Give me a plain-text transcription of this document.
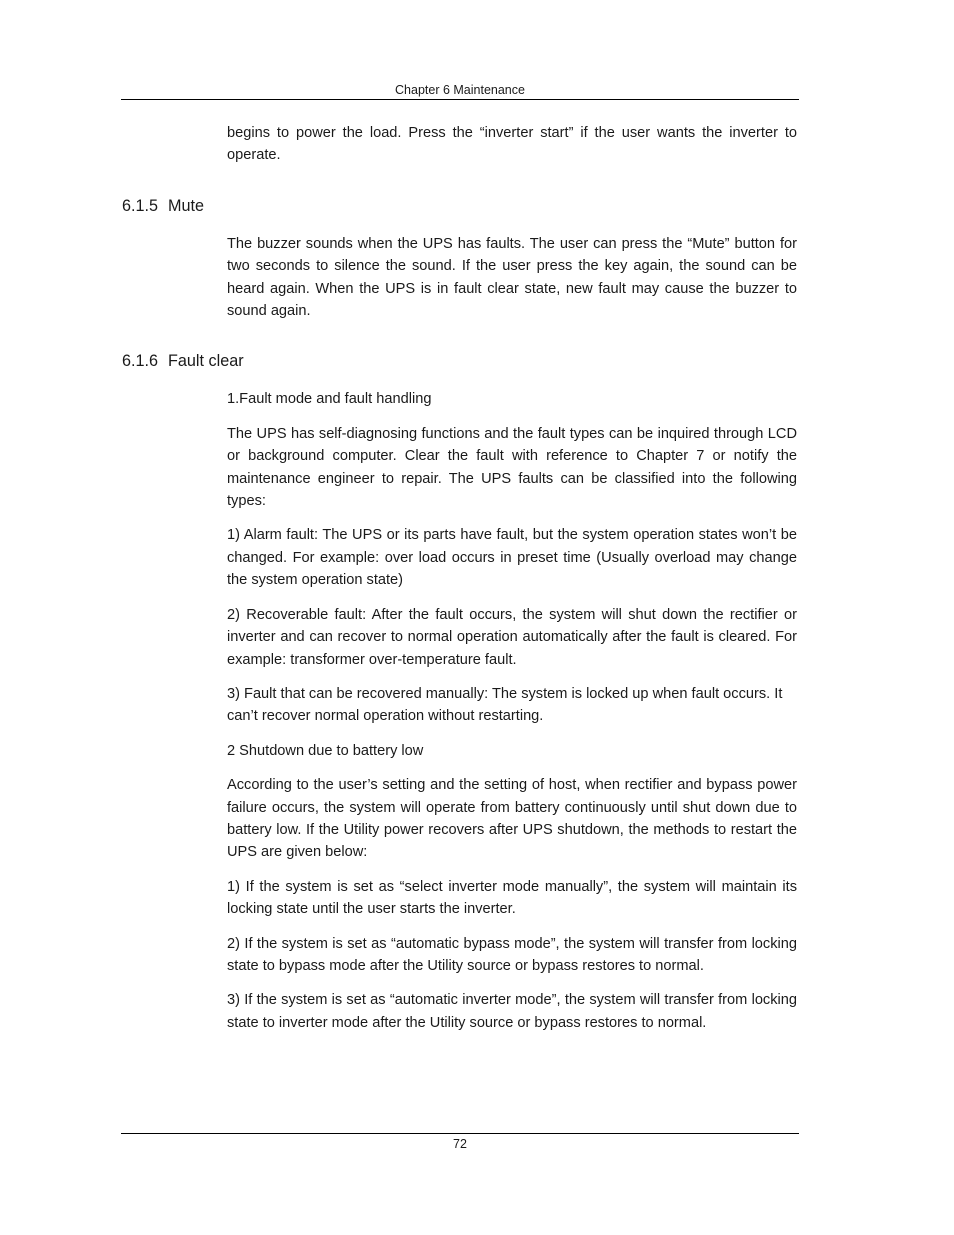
Chapter 6 Maintenance

begins to power the load. Press the “inverter start” if the user wants the inverter to operate.

6.1.5 Mute

The buzzer sounds when the UPS has faults. The user can press the “Mute” button for two seconds to silence the sound. If the user press the key again, the sound can be heard again. When the UPS is in fault clear state, new fault may cause the buzzer to sound again.

6.1.6 Fault clear

1.Fault mode and fault handling

The UPS has self-diagnosing functions and the fault types can be inquired through LCD or background computer. Clear the fault with reference to Chapter 7 or notify the maintenance engineer to repair. The UPS faults can be classified into the following types:

1) Alarm fault: The UPS or its parts have fault, but the system operation states won’t be changed. For example: over load occurs in preset time (Usually overload may change the system operation state)

2) Recoverable fault: After the fault occurs, the system will shut down the rectifier or inverter and can recover to normal operation automatically after the fault is cleared. For example: transformer over-temperature fault.

3) Fault that can be recovered manually: The system is locked up when fault occurs. It can’t recover normal operation without restarting.

2 Shutdown due to battery low

According to the user’s setting and the setting of host, when rectifier and bypass power failure occurs, the system will operate from battery continuously until shut down due to battery low. If the Utility power recovers after UPS shutdown, the methods to restart the UPS are given below:

1) If the system is set as “select inverter mode manually”, the system will maintain its locking state until the user starts the inverter.

2) If the system is set as “automatic bypass mode”, the system will transfer from locking state to bypass mode after the Utility source or bypass restores to normal.

3) If the system is set as “automatic inverter mode”, the system will transfer from locking state to inverter mode after the Utility source or bypass restores to normal.

72
